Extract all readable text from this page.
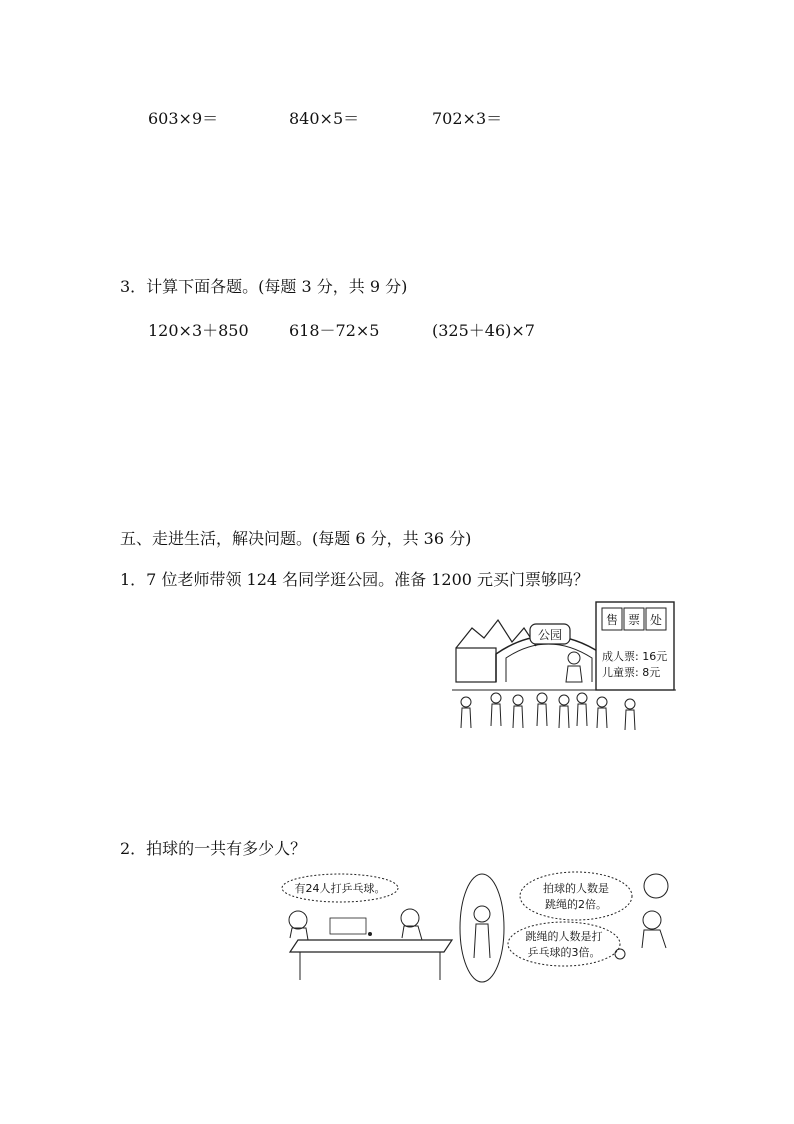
603×9＝	840×5＝	702×3＝
3．计算下面各题。(每题 3 分，共 9 分)
120×3＋850	618－72×5	(325＋46)×7
五、走进生活，解决问题。(每题 6 分，共 36 分)
1．7 位老师带领 124 名同学逛公园。准备 1200 元买门票够吗？
公园
售 票 处
成人票: 16元
儿童票: 8元
2．拍球的一共有多少人？
有24人打乒乓球。	拍球的人数是
跳绳的2倍。
跳绳的人数是打
乒乓球的3倍。
